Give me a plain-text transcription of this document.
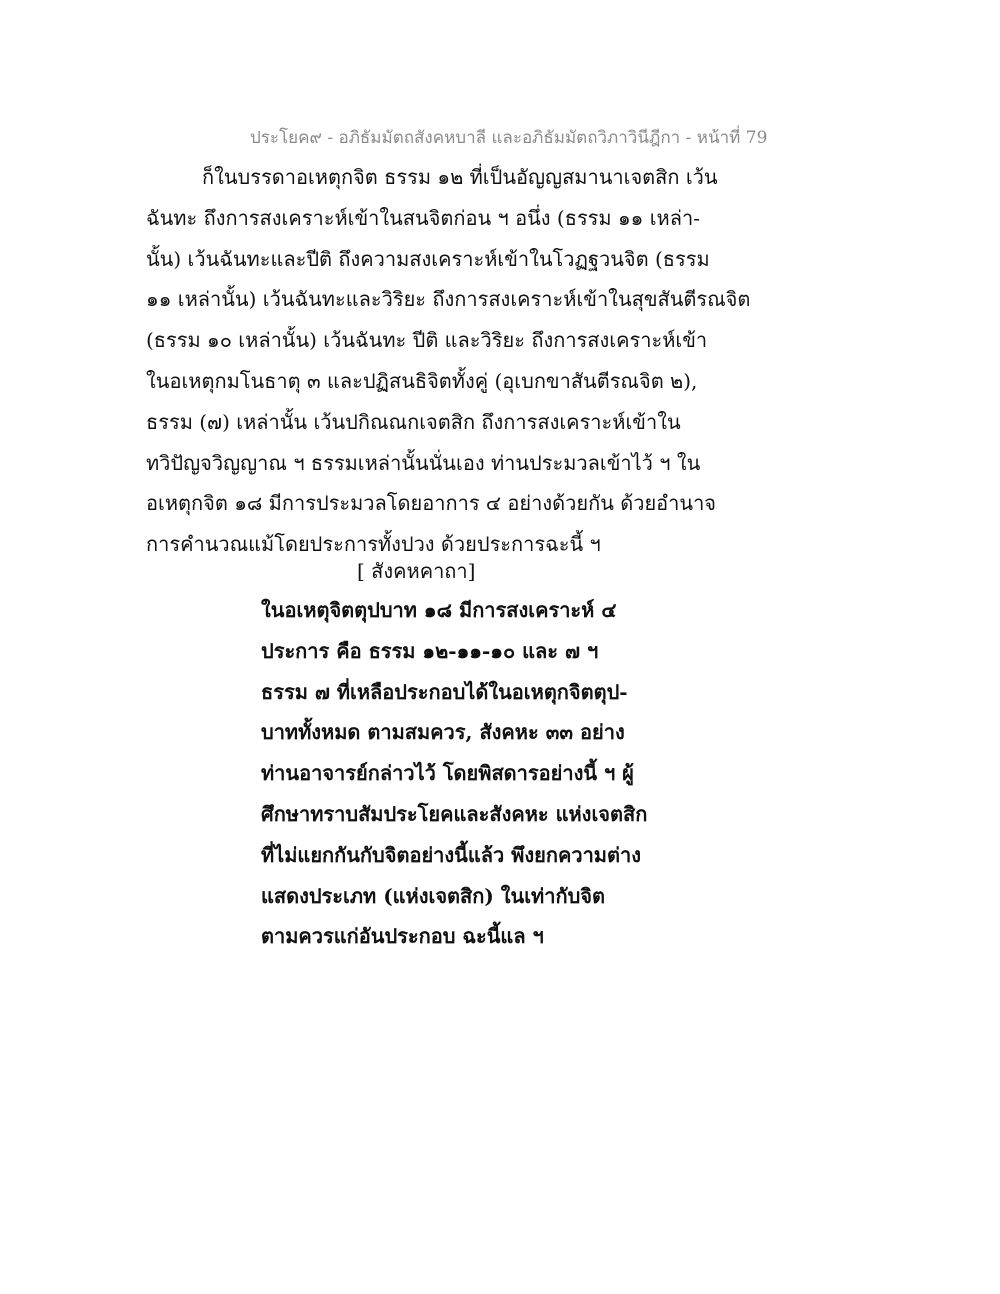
ประโยค๙ - อภิธัมมัตถสังคหบาลี และอภิธัมมัตถวิภาวินีฎีกา - หน้าที่ 79
ก็ในบรรดาอเหตุกจิต ธรรม ๑๒ ที่เป็นอัญญสมานาเจตสิก เว้น
ฉันทะ ถึงการสงเคราะห์เข้าในสนจิตก่อน ฯ อนึ่ง (ธรรม ๑๑ เหล่า-
นั้น) เว้นฉันทะและปีติ ถึงความสงเคราะห์เข้าในโวฏฐวนจิต (ธรรม
๑๑ เหล่านั้น) เว้นฉันทะและวิริยะ ถึงการสงเคราะห์เข้าในสุขสันตีรณจิต
(ธรรม ๑๐ เหล่านั้น) เว้นฉันทะ ปีติ และวิริยะ ถึงการสงเคราะห์เข้า
ในอเหตุกมโนธาตุ ๓ และปฏิสนธิจิตทั้งคู่ (อุเบกขาสันตีรณจิต ๒),
ธรรม (๗) เหล่านั้น เว้นปกิณณกเจตสิก ถึงการสงเคราะห์เข้าใน
ทวิปัญจวิญญาณ ฯ ธรรมเหล่านั้นนั่นเอง ท่านประมวลเข้าไว้ ฯ ใน
อเหตุกจิต ๑๘ มีการประมวลโดยอาการ ๔ อย่างด้วยกัน ด้วยอำนาจ
การคำนวณแม้โดยประการทั้งปวง ด้วยประการฉะนี้ ฯ
[ สังคหคาถา]
ในอเหตุจิตตุปบาท ๑๘ มีการสงเคราะห์ ๔
ประการ คือ ธรรม ๑๒-๑๑-๑๐ และ ๗ ฯ
ธรรม ๗ ที่เหลือประกอบได้ในอเหตุกจิตตุป-
บาททั้งหมด ตามสมควร, สังคหะ ๓๓ อย่าง
ท่านอาจารย์กล่าวไว้ โดยพิสดารอย่างนี้ ฯ ผู้
ศึกษาทราบสัมประโยคและสังคหะ แห่งเจตสิก
ที่ไม่แยกกันกับจิตอย่างนี้แล้ว พึงยกความต่าง
แสดงประเภท (แห่งเจตสิก) ในเท่ากับจิต
ตามควรแก่อันประกอบ ฉะนี้แล ฯ
